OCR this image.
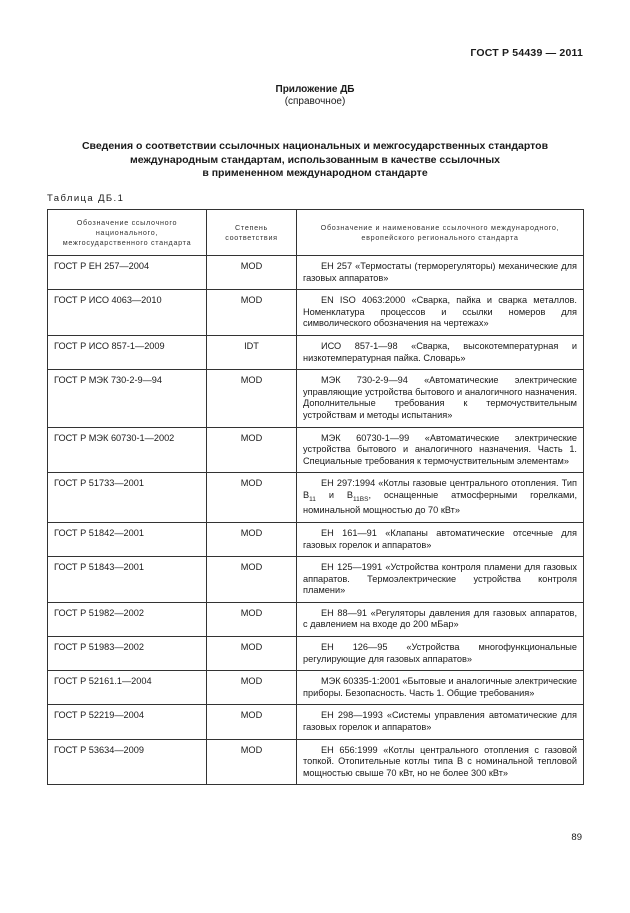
ГОСТ Р 54439 — 2011
Приложение ДБ
(справочное)
Сведения о соответствии ссылочных национальных и межгосударственных стандартов
международным стандартам, использованным в качестве ссылочных
в примененном международном стандарте
Таблица ДБ.1
Обозначение ссылочного национального, межгосударственного стандарта	Степень соответствия	Обозначение и наименование ссылочного международного, европейского регионального стандарта
ГОСТ Р ЕН 257—2004	MOD	ЕН 257 «Термостаты (терморегуляторы) механические для газовых аппаратов»
ГОСТ Р ИСО 4063—2010	MOD	EN ISO 4063:2000 «Сварка, пайка и сварка металлов. Номенклатура процессов и ссылки номеров для символического обозначения на чертежах»
ГОСТ Р ИСО 857-1—2009	IDT	ИСО 857-1—98 «Сварка, высокотемпературная и низкотемпературная пайка. Словарь»
ГОСТ Р МЭК 730-2-9—94	MOD	МЭК 730-2-9—94 «Автоматические электрические управляющие устройства бытового и аналогичного назначения. Дополнительные требования к термочуствительным устройствам и методы испытания»
ГОСТ Р МЭК 60730-1—2002	MOD	МЭК 60730-1—99 «Автоматические электрические устройства бытового и аналогичного назначения. Часть 1. Специальные требования к термочуствительным элементам»
ГОСТ Р 51733—2001	MOD	ЕН 297:1994 «Котлы газовые центрального отопления. Тип $B_{11}$ и $B_{11BS}$, оснащенные атмосферными горелками, номинальной мощностью до 70 кВт»
ГОСТ Р 51842—2001	MOD	ЕН 161—91 «Клапаны автоматические отсечные для газовых горелок и аппаратов»
ГОСТ Р 51843—2001	MOD	ЕН 125—1991 «Устройства контроля пламени для газовых аппаратов. Термоэлектрические устройства контроля пламени»
ГОСТ Р 51982—2002	MOD	ЕН 88—91 «Регуляторы давления для газовых аппаратов, с давлением на входе до 200 мБар»
ГОСТ Р 51983—2002	MOD	ЕН 126—95 «Устройства многофункциональные регулирующие для газовых аппаратов»
ГОСТ Р 52161.1—2004	MOD	МЭК 60335-1:2001 «Бытовые и аналогичные электрические приборы. Безопасность. Часть 1. Общие требования»
ГОСТ Р 52219—2004	MOD	ЕН 298—1993 «Системы управления автоматические для газовых горелок и аппаратов»
ГОСТ Р 53634—2009	MOD	ЕН 656:1999 «Котлы центрального отопления с газовой топкой. Отопительные котлы типа B с номинальной тепловой мощностью свыше 70 кВт, но не более 300 кВт»
89
